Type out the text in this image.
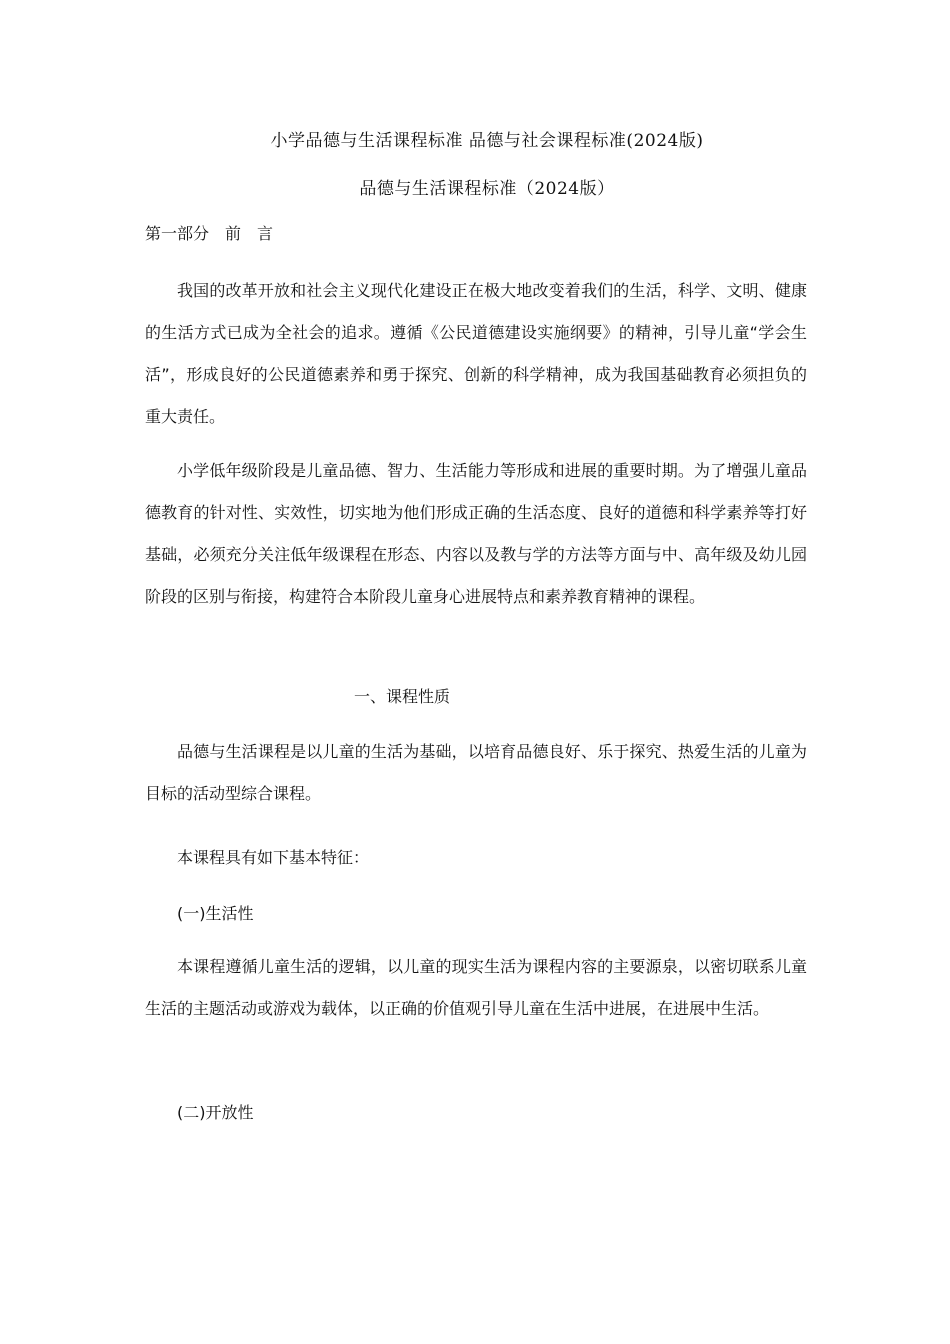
小学品德与生活课程标准 品德与社会课程标准(2024版)
品德与生活课程标准（2024版）
第一部分　前　言

我国的改革开放和社会主义现代化建设正在极大地改变着我们的生活，科学、文明、健康的生活方式已成为全社会的追求。遵循《公民道德建设实施纲要》的精神，引导儿童“学会生活”，形成良好的公民道德素养和勇于探究、创新的科学精神，成为我国基础教育必须担负的重大责任。

小学低年级阶段是儿童品德、智力、生活能力等形成和进展的重要时期。为了增强儿童品德教育的针对性、实效性，切实地为他们形成正确的生活态度、良好的道德和科学素养等打好基础，必须充分关注低年级课程在形态、内容以及教与学的方法等方面与中、高年级及幼儿园阶段的区别与衔接，构建符合本阶段儿童身心进展特点和素养教育精神的课程。

一、课程性质

品德与生活课程是以儿童的生活为基础，以培育品德良好、乐于探究、热爱生活的儿童为目标的活动型综合课程。

本课程具有如下基本特征：
(一)生活性

本课程遵循儿童生活的逻辑，以儿童的现实生活为课程内容的主要源泉，以密切联系儿童生活的主题活动或游戏为载体，以正确的价值观引导儿童在生活中进展，在进展中生活。

(二)开放性
